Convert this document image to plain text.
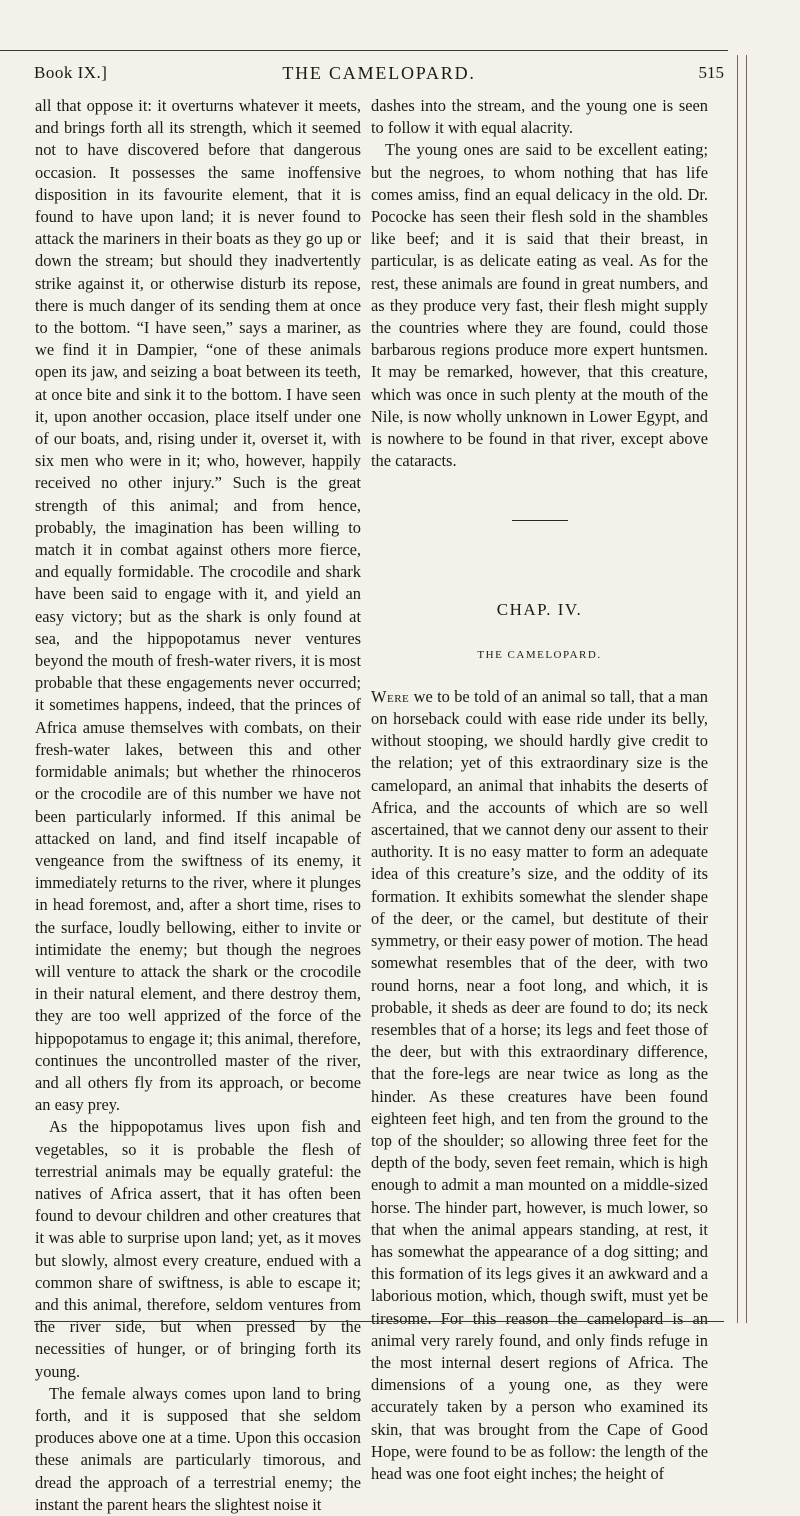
Book IX.]	THE CAMELOPARD.	515

all that oppose it: it overturns whatever it meets, and brings forth all its strength, which it seemed not to have discovered before that dangerous occasion. It possesses the same inoffensive disposition in its favourite element, that it is found to have upon land; it is never found to attack the mariners in their boats as they go up or down the stream; but should they inadvertently strike against it, or otherwise disturb its repose, there is much danger of its sending them at once to the bottom. “I have seen,” says a mariner, as we find it in Dampier, “one of these animals open its jaw, and seizing a boat between its teeth, at once bite and sink it to the bottom. I have seen it, upon another occasion, place itself under one of our boats, and, rising under it, overset it, with six men who were in it; who, however, happily received no other injury.” Such is the great strength of this animal; and from hence, probably, the imagination has been willing to match it in combat against others more fierce, and equally formidable. The crocodile and shark have been said to engage with it, and yield an easy victory; but as the shark is only found at sea, and the hippopotamus never ventures beyond the mouth of fresh-water rivers, it is most probable that these engagements never occurred; it sometimes happens, indeed, that the princes of Africa amuse themselves with combats, on their fresh-water lakes, between this and other formidable animals; but whether the rhinoceros or the crocodile are of this number we have not been particularly informed. If this animal be attacked on land, and find itself incapable of vengeance from the swiftness of its enemy, it immediately returns to the river, where it plunges in head foremost, and, after a short time, rises to the surface, loudly bellowing, either to invite or intimidate the enemy; but though the negroes will venture to attack the shark or the crocodile in their natural element, and there destroy them, they are too well apprized of the force of the hippopotamus to engage it; this animal, therefore, continues the uncontrolled master of the river, and all others fly from its approach, or become an easy prey.

As the hippopotamus lives upon fish and vegetables, so it is probable the flesh of terrestrial animals may be equally grateful: the natives of Africa assert, that it has often been found to devour children and other creatures that it was able to surprise upon land; yet, as it moves but slowly, almost every creature, endued with a common share of swiftness, is able to escape it; and this animal, therefore, seldom ventures from the river side, but when pressed by the necessities of hunger, or of bringing forth its young.

The female always comes upon land to bring forth, and it is supposed that she seldom produces above one at a time. Upon this occasion these animals are particularly timorous, and dread the approach of a terrestrial enemy; the instant the parent hears the slightest noise it

dashes into the stream, and the young one is seen to follow it with equal alacrity.

The young ones are said to be excellent eating; but the negroes, to whom nothing that has life comes amiss, find an equal delicacy in the old. Dr. Pococke has seen their flesh sold in the shambles like beef; and it is said that their breast, in particular, is as delicate eating as veal. As for the rest, these animals are found in great numbers, and as they produce very fast, their flesh might supply the countries where they are found, could those barbarous regions produce more expert huntsmen. It may be remarked, however, that this creature, which was once in such plenty at the mouth of the Nile, is now wholly unknown in Lower Egypt, and is nowhere to be found in that river, except above the cataracts.

CHAP. IV.
THE CAMELOPARD.

Were we to be told of an animal so tall, that a man on horseback could with ease ride under its belly, without stooping, we should hardly give credit to the relation; yet of this extraordinary size is the camelopard, an animal that inhabits the deserts of Africa, and the accounts of which are so well ascertained, that we cannot deny our assent to their authority. It is no easy matter to form an adequate idea of this creature’s size, and the oddity of its formation. It exhibits somewhat the slender shape of the deer, or the camel, but destitute of their symmetry, or their easy power of motion. The head somewhat resembles that of the deer, with two round horns, near a foot long, and which, it is probable, it sheds as deer are found to do; its neck resembles that of a horse; its legs and feet those of the deer, but with this extraordinary difference, that the fore-legs are near twice as long as the hinder. As these creatures have been found eighteen feet high, and ten from the ground to the top of the shoulder; so allowing three feet for the depth of the body, seven feet remain, which is high enough to admit a man mounted on a middle-sized horse. The hinder part, however, is much lower, so that when the animal appears standing, at rest, it has somewhat the appearance of a dog sitting; and this formation of its legs gives it an awkward and a laborious motion, which, though swift, must yet be tiresome. For this reason the camelopard is an animal very rarely found, and only finds refuge in the most internal desert regions of Africa. The dimensions of a young one, as they were accurately taken by a person who examined its skin, that was brought from the Cape of Good Hope, were found to be as follow: the length of the head was one foot eight inches; the height of
